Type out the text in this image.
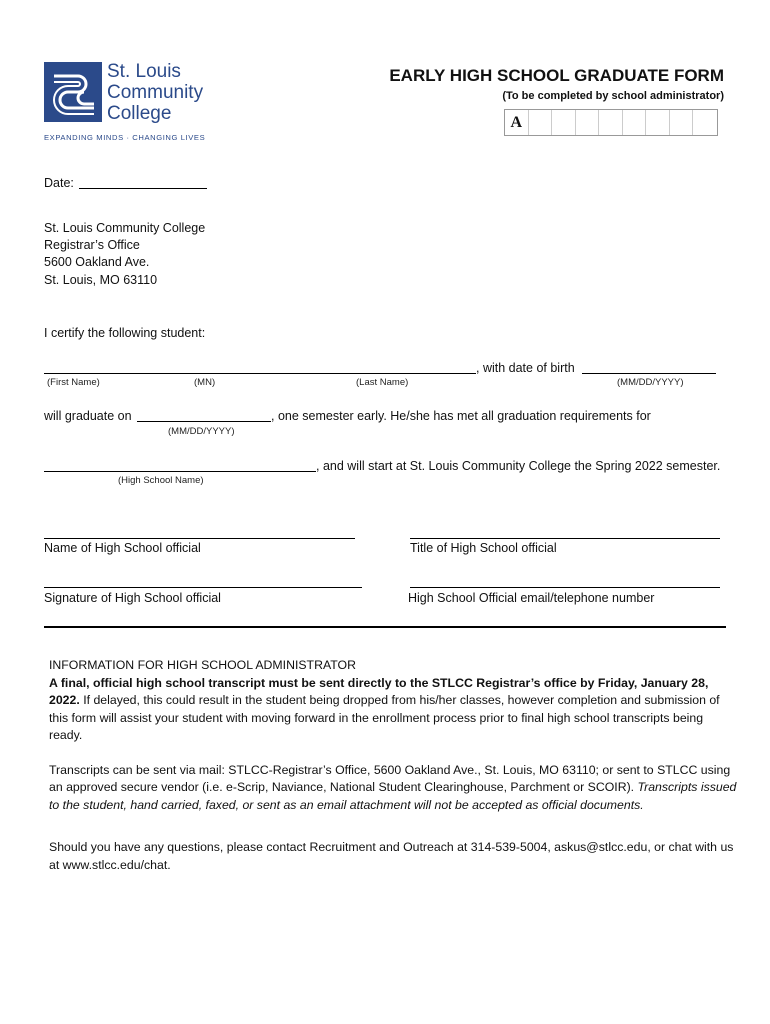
St. Louis
Community
College
EXPANDING MINDS · CHANGING LIVES
EARLY HIGH SCHOOL GRADUATE FORM
(To be completed by school administrator)
A
Date:
St. Louis Community College
Registrar’s Office
5600 Oakland Ave.
St. Louis, MO 63110
I certify the following student:
, with date of birth
(First Name)	(MN)	(Last Name)	(MM/DD/YYYY)
will graduate on	, one semester early. He/she has met all graduation requirements for
(MM/DD/YYYY)
, and will start at St. Louis Community College the Spring 2022 semester.
(High School Name)
Name of High School official	Title of High School official
Signature of High School official	High School Official email/telephone number
INFORMATION FOR HIGH SCHOOL ADMINISTRATOR

A final, official high school transcript must be sent directly to the STLCC Registrar’s office by Friday, January 28, 2022. If delayed, this could result in the student being dropped from his/her classes, however completion and submission of this form will assist your student with moving forward in the enrollment process prior to final high school transcripts being ready.

Transcripts can be sent via mail: STLCC-Registrar’s Office, 5600 Oakland Ave., St. Louis, MO 63110; or sent to STLCC using an approved secure vendor (i.e. e-Scrip, Naviance, National Student Clearinghouse, Parchment or SCOIR). Transcripts issued to the student, hand carried, faxed, or sent as an email attachment will not be accepted as official documents.

Should you have any questions, please contact Recruitment and Outreach at 314-539-5004, askus@stlcc.edu, or chat with us at www.stlcc.edu/chat.
